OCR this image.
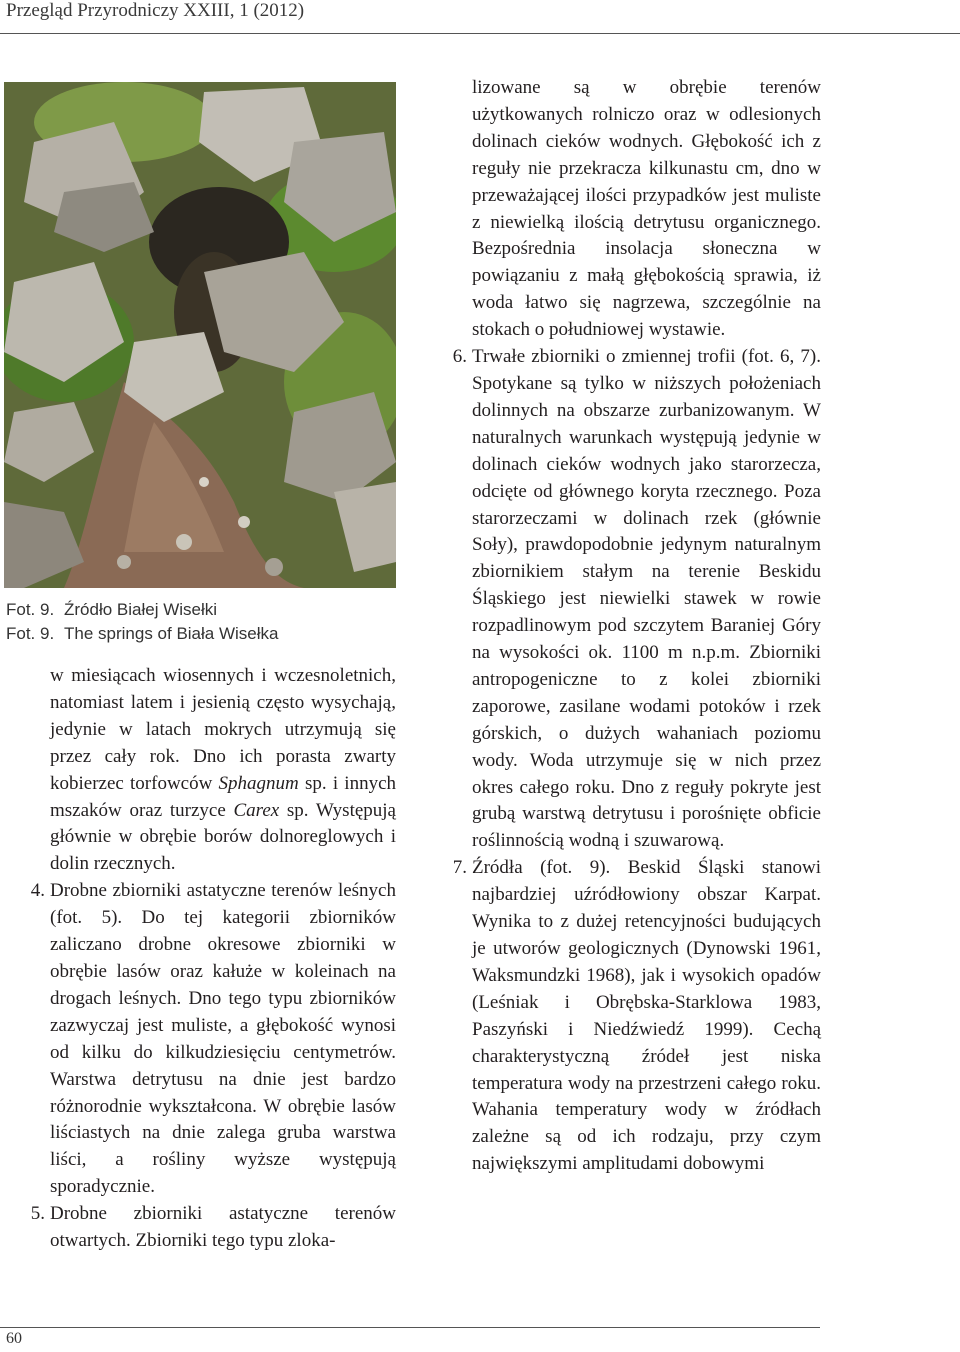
Przegląd Przyrodniczy XXIII, 1 (2012)
Fot. 9. Źródło Białej Wisełki
Fot. 9. The springs of Biała Wisełka

w miesiącach wiosennych i wczesnoletnich, natomiast latem i jesienią często wysychają, jedynie w latach mokrych utrzymują się przez cały rok. Dno ich porasta zwarty kobierzec torfowców Sphagnum sp. i innych mszaków oraz turzyce Carex sp. Występują głównie w obrębie borów dolnoreglowych i dolin rzecznych.

4. Drobne zbiorniki astatyczne terenów leśnych (fot. 5). Do tej kategorii zbiorników zaliczano drobne okresowe zbiorniki w obrębie lasów oraz kałuże w koleinach na drogach leśnych. Dno tego typu zbiorników zazwyczaj jest muliste, a głębokość wynosi od kilku do kilkudziesięciu centymetrów. Warstwa detrytusu na dnie jest bardzo różnorodnie wykształcona. W obrębie lasów liściastych na dnie zalega gruba warstwa liści, a rośliny wyższe występują sporadycznie.
5. Drobne zbiorniki astatyczne terenów otwartych. Zbiorniki tego typu zloka-

lizowane są w obrębie terenów użytkowanych rolniczo oraz w odlesionych dolinach cieków wodnych. Głębokość ich z reguły nie przekracza kilkunastu cm, dno w przeważającej ilości przypadków jest muliste z niewielką ilością detrytusu organicznego. Bezpośrednia insolacja słoneczna w powiązaniu z małą głębokością sprawia, iż woda łatwo się nagrzewa, szczególnie na stokach o południowej wystawie.

6. Trwałe zbiorniki o zmiennej trofii (fot. 6, 7). Spotykane są tylko w niższych położeniach dolinnych na obszarze zurbanizowanym. W naturalnych warunkach występują jedynie w dolinach cieków wodnych jako starorzecza, odcięte od głównego koryta rzecznego. Poza starorzeczami w dolinach rzek (głównie Soły), prawdopodobnie jedynym naturalnym zbiornikiem stałym na terenie Beskidu Śląskiego jest niewielki stawek w rowie rozpadlinowym pod szczytem Baraniej Góry na wysokości ok. 1100 m n.p.m. Zbiorniki antropogeniczne to z kolei zbiorniki zaporowe, zasilane wodami potoków i rzek górskich, o dużych wahaniach poziomu wody. Woda utrzymuje się w nich przez okres całego roku. Dno z reguły pokryte jest grubą warstwą detrytusu i porośnięte obficie roślinnością wodną i szuwarową.
7. Źródła (fot. 9). Beskid Śląski stanowi najbardziej uźródłowiony obszar Karpat. Wynika to z dużej retencyjności budujących je utworów geologicznych (Dynowski 1961, Waksmundzki 1968), jak i wysokich opadów (Leśniak i Obrębska-Starklowa 1983, Paszyński i Niedźwiedź 1999). Cechą charakterystyczną źródeł jest niska temperatura wody na przestrzeni całego roku. Wahania temperatury wody w źródłach zależne są od ich rodzaju, przy czym największymi amplitudami dobowymi
60
